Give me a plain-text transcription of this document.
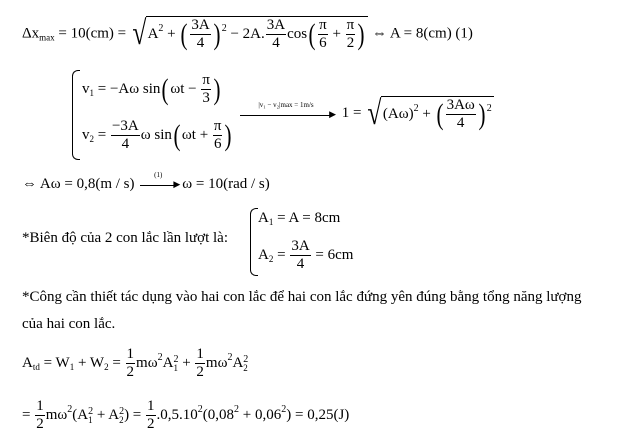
$\Delta x_{max} = 10(cm) = √A^2$ + ( $\frac{3A}{4}$ ) $^2$ − 2A. $\frac{3A}{4} \cos( \frac{\pi}{6} + \frac{\pi}{2}$ ) ⇔ A = 8(cm) (1)
$v_1 = -A\omega$ sin( $\omega t - \frac{\pi}{3}$ )
$v_2 = \frac{-3A}{4}$ ω sin( $\omega t + \frac{\pi}{6}$ )
|v₁ − v₂|max = 1m/s
▶ $1 = √(A\omega)^2$ + ( $\frac{3A\omega}{4}$ ) $^2$
⇔ Aω = 0,8(m / s)
(1)
▶ ω = 10(rad / s)
*Biên độ của 2 con lắc lần lượt là:
$A_1 = A = 8cm$
$A_2 = \frac{3A}{4} = 6cm$
*Công cần thiết tác dụng vào hai con lắc để hai con lắc đứng yên đúng bằng tổng năng lượng
của hai con lắc.
$A_{td} = W_1 + W_2 = \frac{1}{2} m\omega^2A$ 2
$1 + \frac{1}{2} m\omega^2A$ 2
2
= $\frac{1}{2} m\omega^2(A$ 2
1 + A 2
2 ) = $\frac{1}{2} .0,5.10^2(0,08^2 + 0,06^2) = 0,25(J)$
